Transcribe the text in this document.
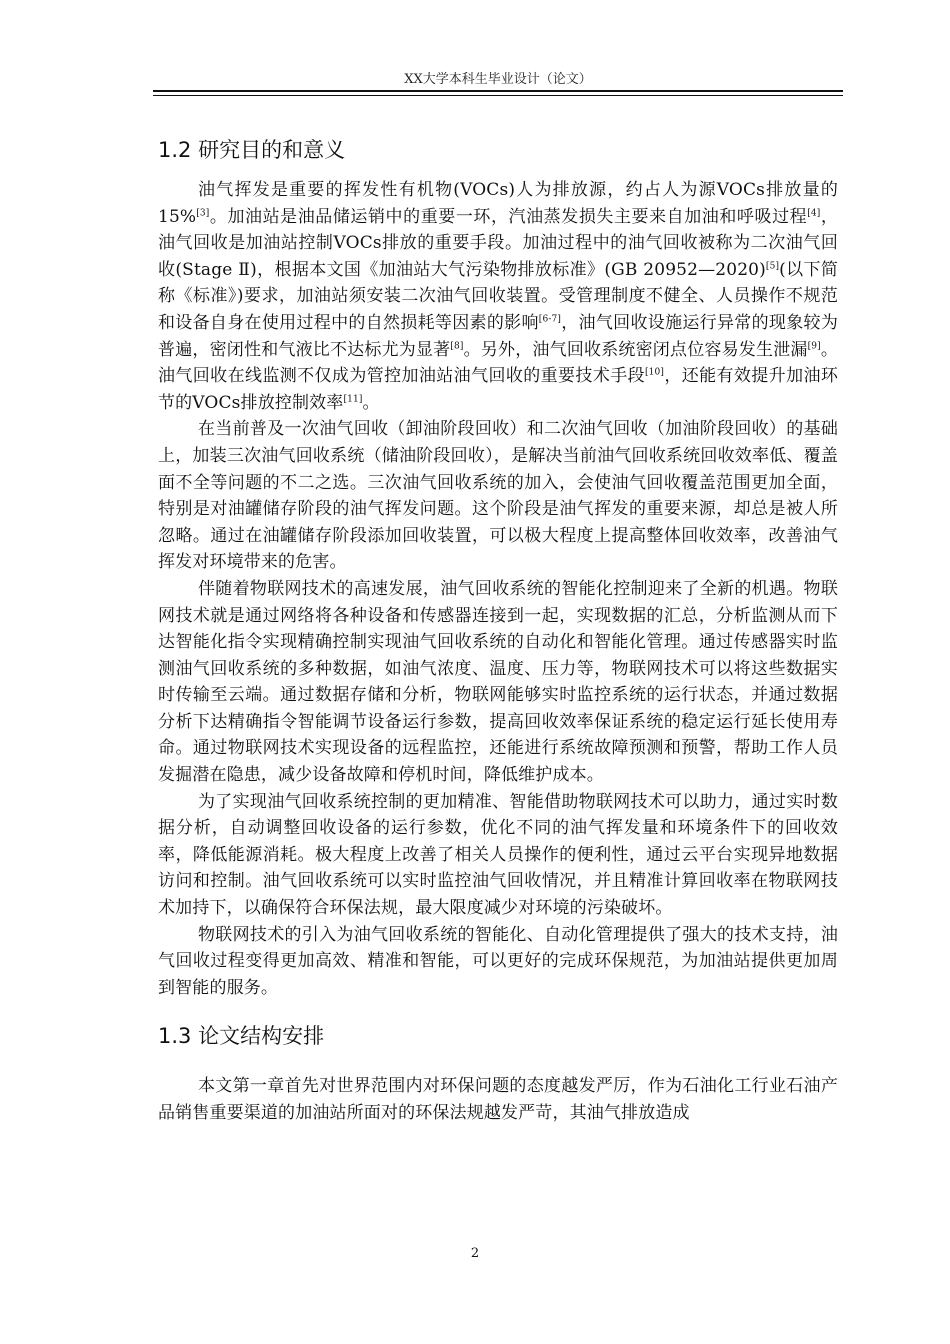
XX大学本科生毕业设计（论文）
1.2 研究目的和意义

油气挥发是重要的挥发性有机物(VOCs)人为排放源，约占人为源VOCs排放量的15%[3]。加油站是油品储运销中的重要一环，汽油蒸发损失主要来自加油和呼吸过程[4]，油气回收是加油站控制VOCs排放的重要手段。加油过程中的油气回收被称为二次油气回收(Stage Ⅱ)，根据本文国《加油站大气污染物排放标准》(GB 20952—2020)[5](以下简称《标准》)要求，加油站须安装二次油气回收装置。受管理制度不健全、人员操作不规范和设备自身在使用过程中的自然损耗等因素的影响[6-7]，油气回收设施运行异常的现象较为普遍，密闭性和气液比不达标尤为显著[8]。另外，油气回收系统密闭点位容易发生泄漏[9]。油气回收在线监测不仅成为管控加油站油气回收的重要技术手段[10]，还能有效提升加油环节的VOCs排放控制效率[11]。

在当前普及一次油气回收（卸油阶段回收）和二次油气回收（加油阶段回收）的基础上，加装三次油气回收系统（储油阶段回收），是解决当前油气回收系统回收效率低、覆盖面不全等问题的不二之选。三次油气回收系统的加入，会使油气回收覆盖范围更加全面，特别是对油罐储存阶段的油气挥发问题。这个阶段是油气挥发的重要来源，却总是被人所忽略。通过在油罐储存阶段添加回收装置，可以极大程度上提高整体回收效率，改善油气挥发对环境带来的危害。

伴随着物联网技术的高速发展，油气回收系统的智能化控制迎来了全新的机遇。物联网技术就是通过网络将各种设备和传感器连接到一起，实现数据的汇总，分析监测从而下达智能化指令实现精确控制实现油气回收系统的自动化和智能化管理。通过传感器实时监测油气回收系统的多种数据，如油气浓度、温度、压力等，物联网技术可以将这些数据实时传输至云端。通过数据存储和分析，物联网能够实时监控系统的运行状态，并通过数据分析下达精确指令智能调节设备运行参数，提高回收效率保证系统的稳定运行延长使用寿命。通过物联网技术实现设备的远程监控，还能进行系统故障预测和预警，帮助工作人员发掘潜在隐患，减少设备故障和停机时间，降低维护成本。

为了实现油气回收系统控制的更加精准、智能借助物联网技术可以助力，通过实时数据分析，自动调整回收设备的运行参数，优化不同的油气挥发量和环境条件下的回收效率，降低能源消耗。极大程度上改善了相关人员操作的便利性，通过云平台实现异地数据访问和控制。油气回收系统可以实时监控油气回收情况，并且精准计算回收率在物联网技术加持下，以确保符合环保法规，最大限度减少对环境的污染破坏。

物联网技术的引入为油气回收系统的智能化、自动化管理提供了强大的技术支持，油气回收过程变得更加高效、精准和智能，可以更好的完成环保规范，为加油站提供更加周到智能的服务。

1.3 论文结构安排

本文第一章首先对世界范围内对环保问题的态度越发严厉，作为石油化工行业石油产品销售重要渠道的加油站所面对的环保法规越发严苛，其油气排放造成

2
